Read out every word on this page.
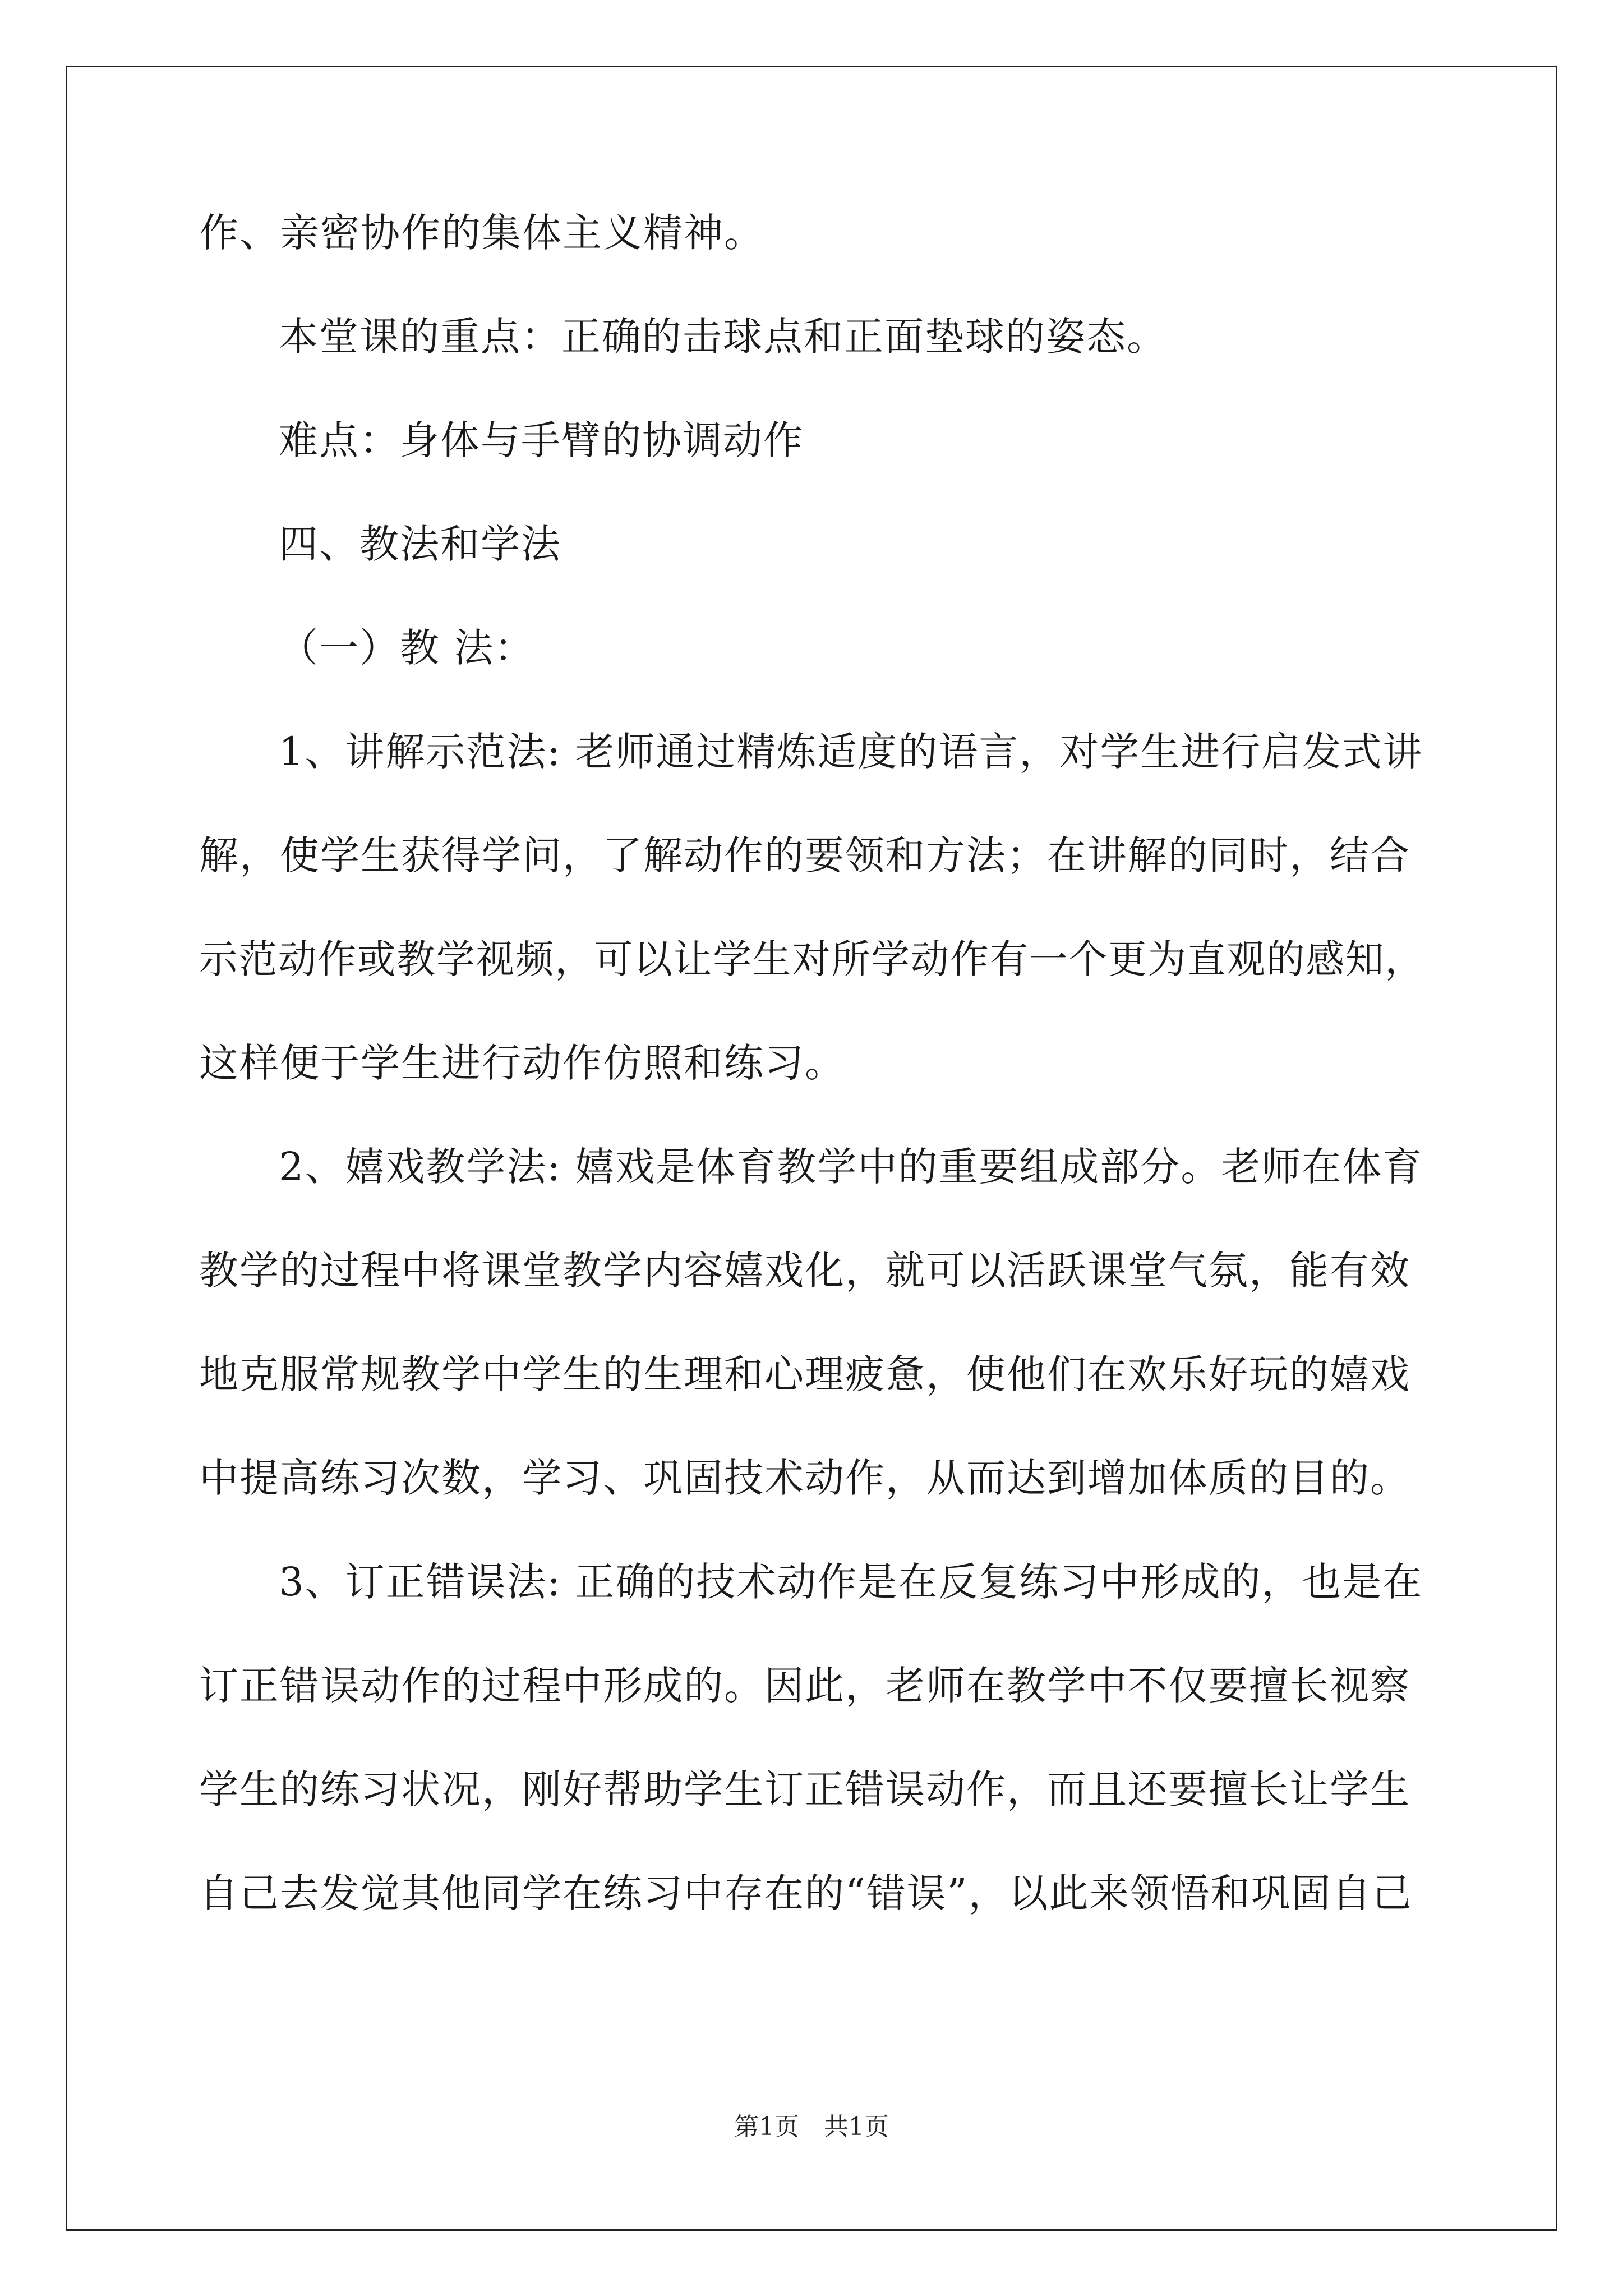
作、亲密协作的集体主义精神。
本堂课的重点：正确的击球点和正面垫球的姿态。
难点：身体与手臂的协调动作
四、教法和学法
（一）教 法：
1、讲解示范法: 老师通过精炼适度的语言，对学生进行启发式讲
解，使学生获得学问，了解动作的要领和方法；在讲解的同时，结合
示范动作或教学视频，可以让学生对所学动作有一个更为直观的感知，
这样便于学生进行动作仿照和练习。
2、嬉戏教学法: 嬉戏是体育教学中的重要组成部分。老师在体育
教学的过程中将课堂教学内容嬉戏化，就可以活跃课堂气氛，能有效
地克服常规教学中学生的生理和心理疲惫，使他们在欢乐好玩的嬉戏
中提高练习次数，学习、巩固技术动作，从而达到增加体质的目的。
3、订正错误法: 正确的技术动作是在反复练习中形成的，也是在
订正错误动作的过程中形成的。因此，老师在教学中不仅要擅长视察
学生的练习状况，刚好帮助学生订正错误动作，而且还要擅长让学生
自己去发觉其他同学在练习中存在的“错误”，以此来领悟和巩固自己
第1页 共1页
